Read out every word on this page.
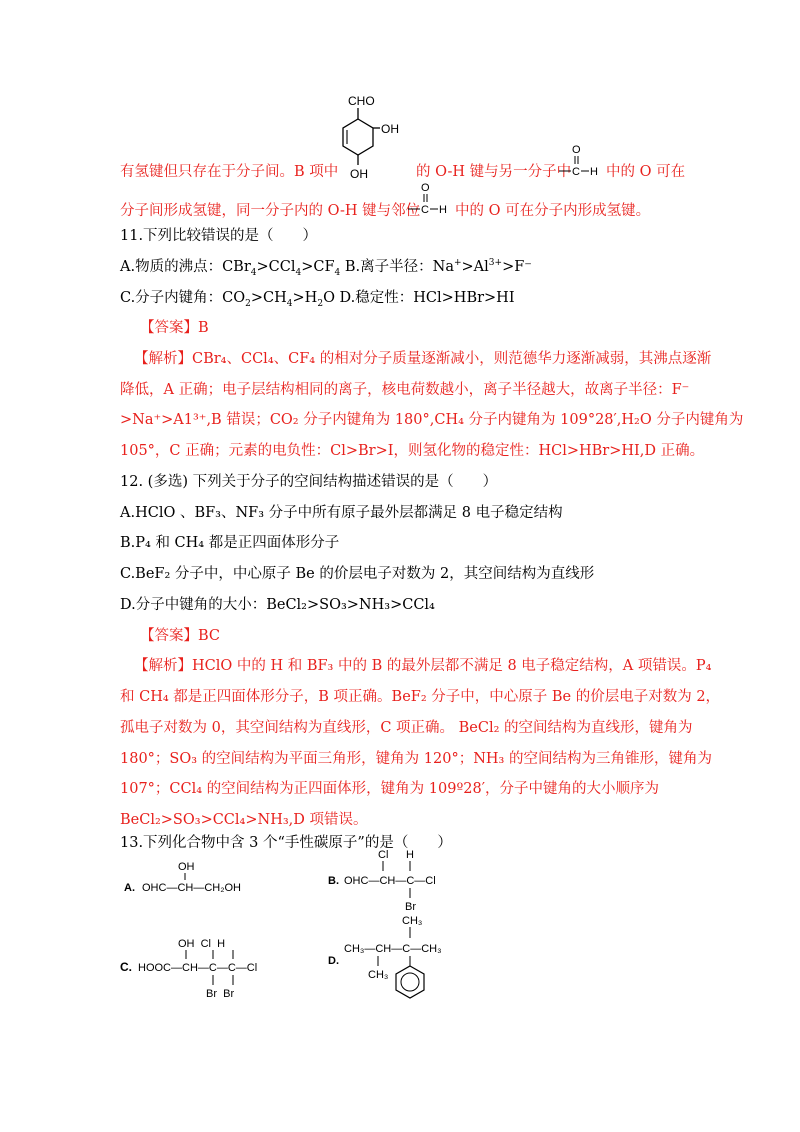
CHO
OH
OH
有氢键但只存在于分子间。B 项中	的 O-H 键与另一分子中
O
C H 中的 O 可在
分子间形成氢键，同一分子内的 O-H 键与邻位
O
C H 中的 O 可在分子内形成氢键。
11.下列比较错误的是（　　）
A.物质的沸点：$CBr_4>CCl_4>CF_4$ B.离子半径：$Na^+>Al^{3+}>F^-$
C.分子内键角：$CO_2>CH_4>H_2O$ D.稳定性：HCl>HBr>HI
【答案】B
【解析】CBr₄、CCl₄、CF₄ 的相对分子质量逐渐减小，则范德华力逐渐减弱，其沸点逐渐
降低，A 正确；电子层结构相同的离子，核电荷数越小，离子半径越大，故离子半径：F⁻
>Na⁺>A1³⁺,B 错误；CO₂ 分子内键角为 180°,CH₄ 分子内键角为 109°28′,H₂O 分子内键角为
105°，C 正确；元素的电负性：Cl>Br>I，则氢化物的稳定性：HCl>HBr>HI,D 正确。
12. (多选) 下列关于分子的空间结构描述错误的是（　　）
A.HClO 、BF₃、NF₃ 分子中所有原子最外层都满足 8 电子稳定结构
B.P₄ 和 CH₄ 都是正四面体形分子
C.BeF₂ 分子中，中心原子 Be 的价层电子对数为 2，其空间结构为直线形
D.分子中键角的大小：BeCl₂>SO₃>NH₃>CCl₄
【答案】BC
【解析】HClO 中的 H 和 BF₃ 中的 B 的最外层都不满足 8 电子稳定结构，A 项错误。P₄
和 CH₄ 都是正四面体形分子，B 项正确。BeF₂ 分子中，中心原子 Be 的价层电子对数为 2，
孤电子对数为 0，其空间结构为直线形，C 项正确。 BeCl₂ 的空间结构为直线形，键角为
180°；SO₃ 的空间结构为平面三角形，键角为 120°；NH₃ 的空间结构为三角锥形，键角为
107°；CCl₄ 的空间结构为正四面体形，键角为 109º28′，分子中键角的大小顺序为
BeCl₂>SO₃>CCl₄>NH₃,D 项错误。
13.下列化合物中含 3 个“手性碳原子”的是（　　）
OH
A. OHC—CH—CH₂OH
Cl H
B. OHC—CH—C—Cl
Br
OH  Cl  H
C. HOOC—CH—C—C—Cl
Br  Br
CH₃
CH₃—CH—C—CH₃
D.
CH₃
